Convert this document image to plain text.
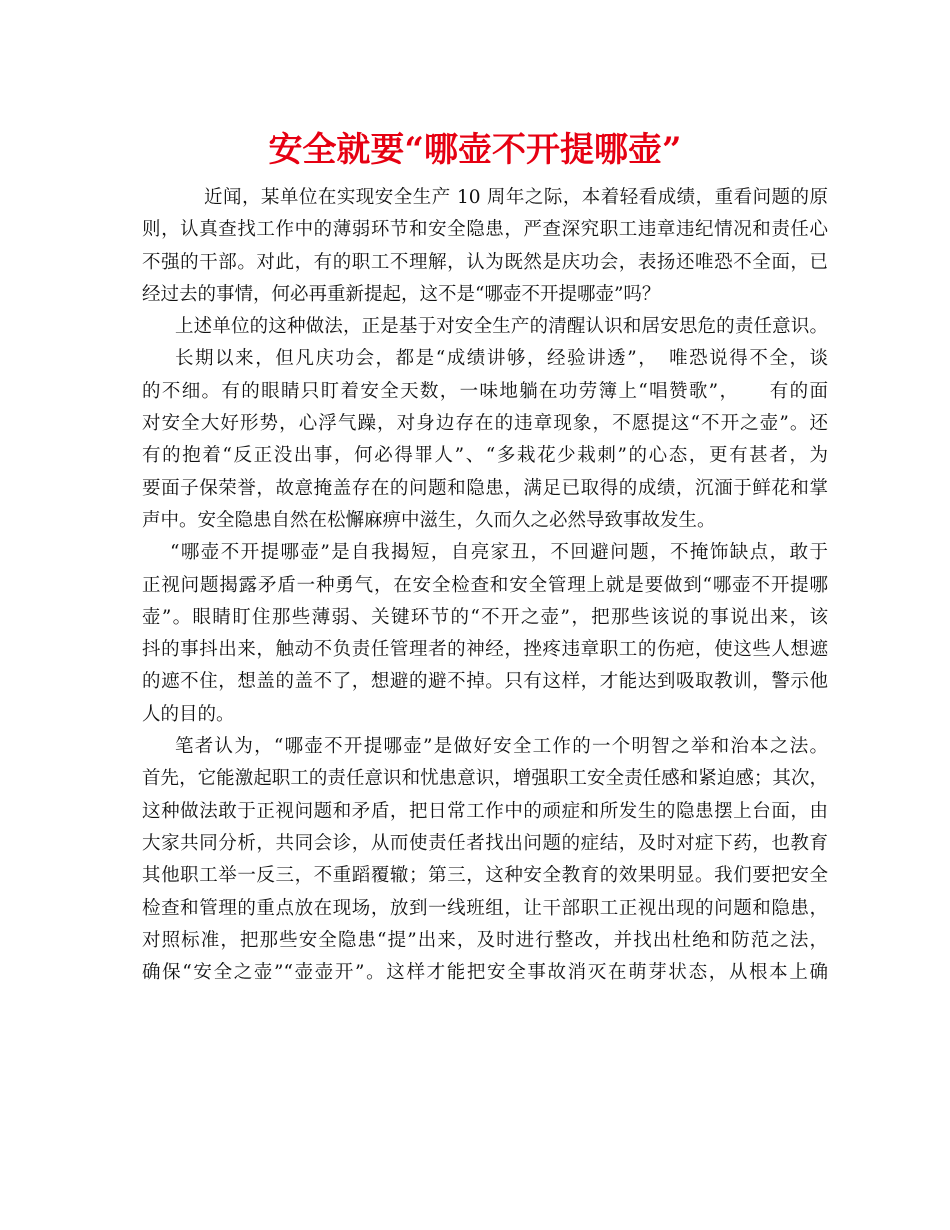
安全就要“哪壶不开提哪壶”
近闻，某单位在实现安全生产 10 周年之际，本着轻看成绩，重看问题的原
则，认真查找工作中的薄弱环节和安全隐患，严查深究职工违章违纪情况和责任心
不强的干部。对此，有的职工不理解，认为既然是庆功会，表扬还唯恐不全面，已
经过去的事情，何必再重新提起，这不是“哪壶不开提哪壶”吗？
上述单位的这种做法，正是基于对安全生产的清醒认识和居安思危的责任意识。
长期以来，但凡庆功会，都是“成绩讲够，经验讲透”，　唯恐说得不全，谈
的不细。有的眼睛只盯着安全天数，一味地躺在功劳簿上“唱赞歌”，　　有的面
对安全大好形势，心浮气躁，对身边存在的违章现象，不愿提这“不开之壶”。还
有的抱着“反正没出事，何必得罪人”、“多栽花少栽刺”的心态，更有甚者，为
要面子保荣誉，故意掩盖存在的问题和隐患，满足已取得的成绩，沉湎于鲜花和掌
声中。安全隐患自然在松懈麻痹中滋生，久而久之必然导致事故发生。
“哪壶不开提哪壶”是自我揭短，自亮家丑，不回避问题，不掩饰缺点，敢于
正视问题揭露矛盾一种勇气，在安全检查和安全管理上就是要做到“哪壶不开提哪
壶”。眼睛盯住那些薄弱、关键环节的“不开之壶”，把那些该说的事说出来，该
抖的事抖出来，触动不负责任管理者的神经，挫疼违章职工的伤疤，使这些人想遮
的遮不住，想盖的盖不了，想避的避不掉。只有这样，才能达到吸取教训，警示他
人的目的。
笔者认为，“哪壶不开提哪壶”是做好安全工作的一个明智之举和治本之法。
首先，它能激起职工的责任意识和忧患意识，增强职工安全责任感和紧迫感；其次，
这种做法敢于正视问题和矛盾，把日常工作中的顽症和所发生的隐患摆上台面，由
大家共同分析，共同会诊，从而使责任者找出问题的症结，及时对症下药，也教育
其他职工举一反三，不重蹈覆辙；第三，这种安全教育的效果明显。我们要把安全
检查和管理的重点放在现场，放到一线班组，让干部职工正视出现的问题和隐患，
对照标准，把那些安全隐患“提”出来，及时进行整改，并找出杜绝和防范之法，
确保“安全之壶”“壶壶开”。这样才能把安全事故消灭在萌芽状态，从根本上确
